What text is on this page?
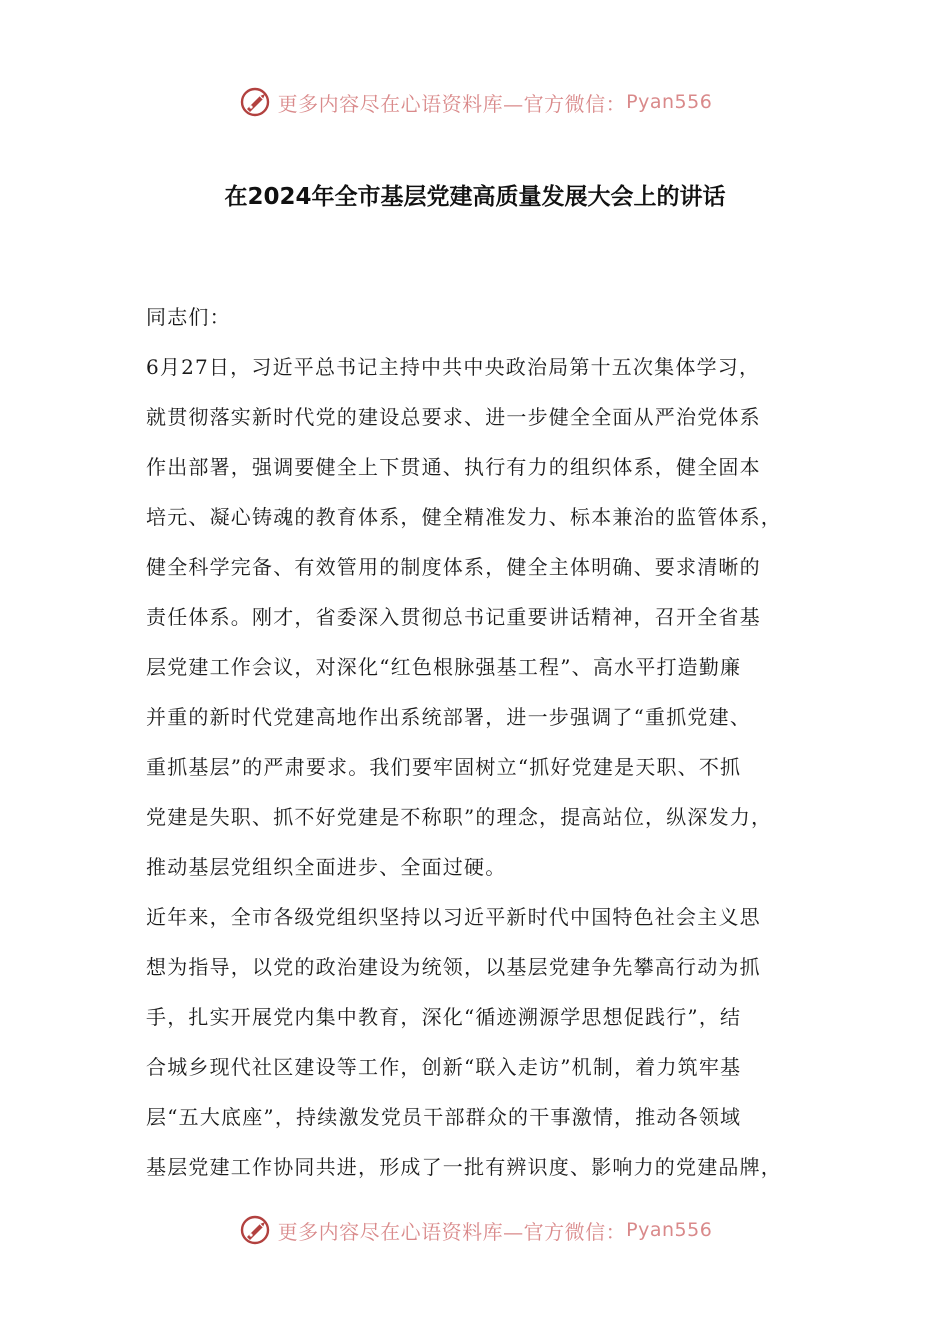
更多内容尽在心语资料库—官方微信： Pyan556
在2024年全市基层党建高质量发展大会上的讲话
同志们：
6月27日，习近平总书记主持中共中央政治局第十五次集体学习，
就贯彻落实新时代党的建设总要求、进一步健全全面从严治党体系
作出部署，强调要健全上下贯通、执行有力的组织体系，健全固本
培元、凝心铸魂的教育体系，健全精准发力、标本兼治的监管体系，
健全科学完备、有效管用的制度体系，健全主体明确、要求清晰的
责任体系。刚才，省委深入贯彻总书记重要讲话精神，召开全省基
层党建工作会议，对深化“红色根脉强基工程”、高水平打造勤廉
并重的新时代党建高地作出系统部署，进一步强调了“重抓党建、
重抓基层”的严肃要求。我们要牢固树立“抓好党建是天职、不抓
党建是失职、抓不好党建是不称职”的理念，提高站位，纵深发力，
推动基层党组织全面进步、全面过硬。
近年来，全市各级党组织坚持以习近平新时代中国特色社会主义思
想为指导，以党的政治建设为统领，以基层党建争先攀高行动为抓
手，扎实开展党内集中教育，深化“循迹溯源学思想促践行”，结
合城乡现代社区建设等工作，创新“联入走访”机制，着力筑牢基
层“五大底座”，持续激发党员干部群众的干事激情，推动各领域
基层党建工作协同共进，形成了一批有辨识度、影响力的党建品牌，
更多内容尽在心语资料库—官方微信： Pyan556
